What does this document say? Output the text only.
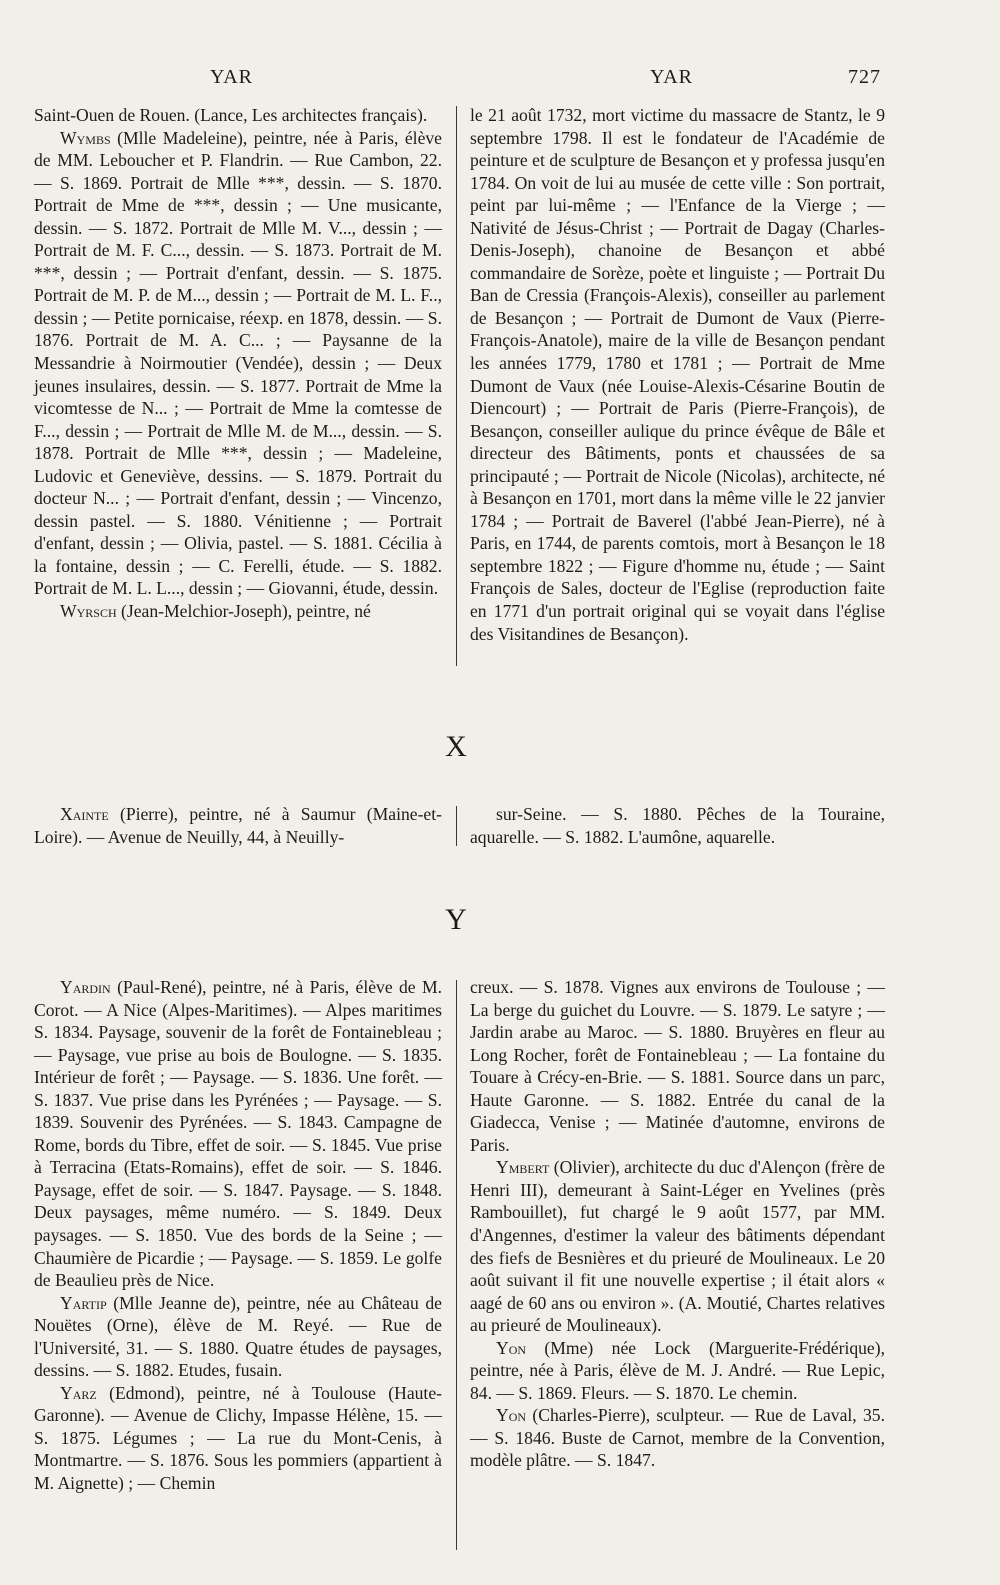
YAR	YAR	727

Saint-Ouen de Rouen. (Lance, Les architectes français).

Wymbs (Mlle Madeleine), peintre, née à Paris, élève de MM. Leboucher et P. Flandrin. — Rue Cambon, 22. — S. 1869. Portrait de Mlle ***, dessin. — S. 1870. Portrait de Mme de ***, dessin ; — Une musicante, dessin. — S. 1872. Portrait de Mlle M. V..., dessin ; — Portrait de M. F. C..., dessin. — S. 1873. Portrait de M. ***, dessin ; — Portrait d'enfant, dessin. — S. 1875. Portrait de M. P. de M..., dessin ; — Portrait de M. L. F.., dessin ; — Petite pornicaise, réexp. en 1878, dessin. — S. 1876. Portrait de M. A. C... ; — Paysanne de la Messandrie à Noirmoutier (Vendée), dessin ; — Deux jeunes insulaires, dessin. — S. 1877. Portrait de Mme la vicomtesse de N... ; — Portrait de Mme la comtesse de F..., dessin ; — Portrait de Mlle M. de M..., dessin. — S. 1878. Portrait de Mlle ***, dessin ; — Madeleine, Ludovic et Geneviève, dessins. — S. 1879. Portrait du docteur N... ; — Portrait d'enfant, dessin ; — Vincenzo, dessin pastel. — S. 1880. Vénitienne ; — Portrait d'enfant, dessin ; — Olivia, pastel. — S. 1881. Cécilia à la fontaine, dessin ; — C. Ferelli, étude. — S. 1882. Portrait de M. L. L..., dessin ; — Giovanni, étude, dessin.

Wyrsch (Jean-Melchior-Joseph), peintre, né

le 21 août 1732, mort victime du massacre de Stantz, le 9 septembre 1798. Il est le fondateur de l'Académie de peinture et de sculpture de Besançon et y professa jusqu'en 1784. On voit de lui au musée de cette ville : Son portrait, peint par lui-même ; — l'Enfance de la Vierge ; — Nativité de Jésus-Christ ; — Portrait de Dagay (Charles-Denis-Joseph), chanoine de Besançon et abbé commandaire de Sorèze, poète et linguiste ; — Portrait Du Ban de Cressia (François-Alexis), conseiller au parlement de Besançon ; — Portrait de Dumont de Vaux (Pierre-François-Anatole), maire de la ville de Besançon pendant les années 1779, 1780 et 1781 ; — Portrait de Mme Dumont de Vaux (née Louise-Alexis-Césarine Boutin de Diencourt) ; — Portrait de Paris (Pierre-François), de Besançon, conseiller aulique du prince évêque de Bâle et directeur des Bâtiments, ponts et chaussées de sa principauté ; — Portrait de Nicole (Nicolas), architecte, né à Besançon en 1701, mort dans la même ville le 22 janvier 1784 ; — Portrait de Baverel (l'abbé Jean-Pierre), né à Paris, en 1744, de parents comtois, mort à Besançon le 18 septembre 1822 ; — Figure d'homme nu, étude ; — Saint François de Sales, docteur de l'Eglise (reproduction faite en 1771 d'un portrait original qui se voyait dans l'église des Visitandines de Besançon).

X

Xainte (Pierre), peintre, né à Saumur (Maine-et-Loire). — Avenue de Neuilly, 44, à Neuilly-

sur-Seine. — S. 1880. Pêches de la Touraine, aquarelle. — S. 1882. L'aumône, aquarelle.

Y

Yardin (Paul-René), peintre, né à Paris, élève de M. Corot. — A Nice (Alpes-Maritimes). — Alpes maritimes S. 1834. Paysage, souvenir de la forêt de Fontainebleau ; — Paysage, vue prise au bois de Boulogne. — S. 1835. Intérieur de forêt ; — Paysage. — S. 1836. Une forêt. — S. 1837. Vue prise dans les Pyrénées ; — Paysage. — S. 1839. Souvenir des Pyrénées. — S. 1843. Campagne de Rome, bords du Tibre, effet de soir. — S. 1845. Vue prise à Terracina (Etats-Romains), effet de soir. — S. 1846. Paysage, effet de soir. — S. 1847. Paysage. — S. 1848. Deux paysages, même numéro. — S. 1849. Deux paysages. — S. 1850. Vue des bords de la Seine ; — Chaumière de Picardie ; — Paysage. — S. 1859. Le golfe de Beaulieu près de Nice.

Yartip (Mlle Jeanne de), peintre, née au Château de Nouëtes (Orne), élève de M. Reyé. — Rue de l'Université, 31. — S. 1880. Quatre études de paysages, dessins. — S. 1882. Etudes, fusain.

Yarz (Edmond), peintre, né à Toulouse (Haute-Garonne). — Avenue de Clichy, Impasse Hélène, 15. — S. 1875. Légumes ; — La rue du Mont-Cenis, à Montmartre. — S. 1876. Sous les pommiers (appartient à M. Aignette) ; — Chemin

creux. — S. 1878. Vignes aux environs de Toulouse ; — La berge du guichet du Louvre. — S. 1879. Le satyre ; — Jardin arabe au Maroc. — S. 1880. Bruyères en fleur au Long Rocher, forêt de Fontainebleau ; — La fontaine du Touare à Crécy-en-Brie. — S. 1881. Source dans un parc, Haute Garonne. — S. 1882. Entrée du canal de la Giadecca, Venise ; — Matinée d'automne, environs de Paris.

Ymbert (Olivier), architecte du duc d'Alençon (frère de Henri III), demeurant à Saint-Léger en Yvelines (près Rambouillet), fut chargé le 9 août 1577, par MM. d'Angennes, d'estimer la valeur des bâtiments dépendant des fiefs de Besnières et du prieuré de Moulineaux. Le 20 août suivant il fit une nouvelle expertise ; il était alors « aagé de 60 ans ou environ ». (A. Moutié, Chartes relatives au prieuré de Moulineaux).

Yon (Mme) née Lock (Marguerite-Frédérique), peintre, née à Paris, élève de M. J. André. — Rue Lepic, 84. — S. 1869. Fleurs. — S. 1870. Le chemin.

Yon (Charles-Pierre), sculpteur. — Rue de Laval, 35. — S. 1846. Buste de Carnot, membre de la Convention, modèle plâtre. — S. 1847.
